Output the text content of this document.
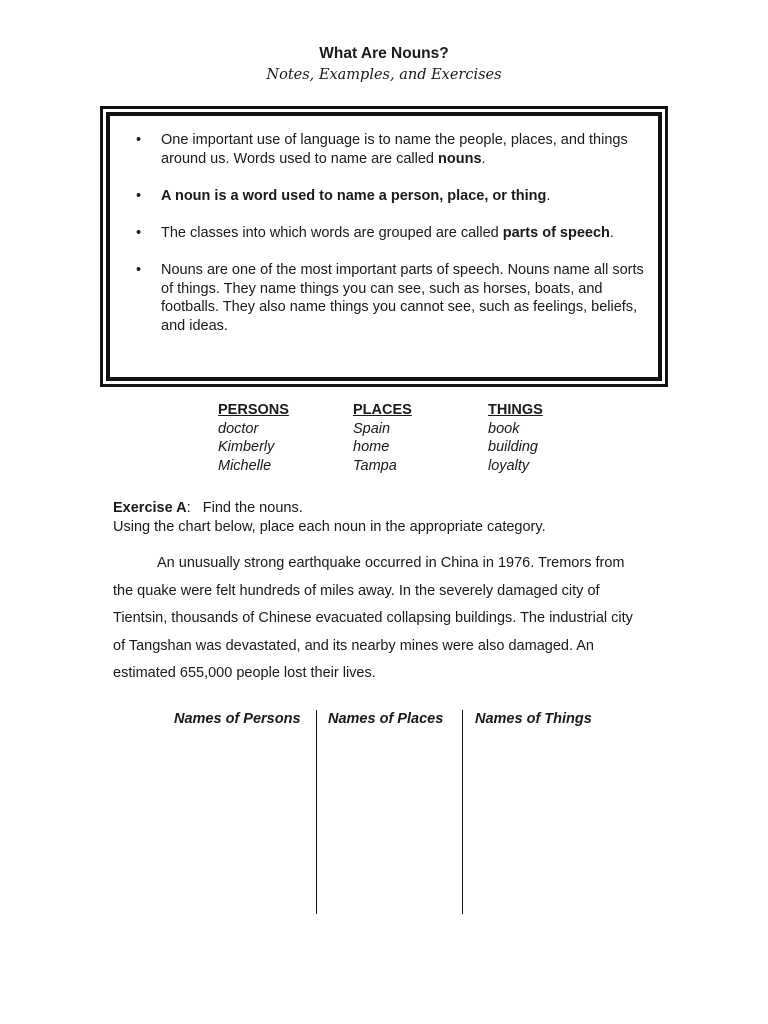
What Are Nouns?
Notes, Examples, and Exercises
• One important use of language is to name the people, places, and things around us. Words used to name are called nouns.
• A noun is a word used to name a person, place, or thing.
• The classes into which words are grouped are called parts of speech.
• Nouns are one of the most important parts of speech. Nouns name all sorts of things. They name things you can see, such as horses, boats, and footballs. They also name things you cannot see, such as feelings, beliefs, and ideas.
PERSONS
doctor
Kimberly
Michelle
PLACES
Spain
home
Tampa
THINGS
book
building
loyalty
Exercise A: Find the nouns.
Using the chart below, place each noun in the appropriate category.
An unusually strong earthquake occurred in China in 1976. Tremors from the quake were felt hundreds of miles away. In the severely damaged city of Tientsin, thousands of Chinese evacuated collapsing buildings. The industrial city of Tangshan was devastated, and its nearby mines were also damaged. An estimated 655,000 people lost their lives.
Names of Persons Names of Places Names of Things
